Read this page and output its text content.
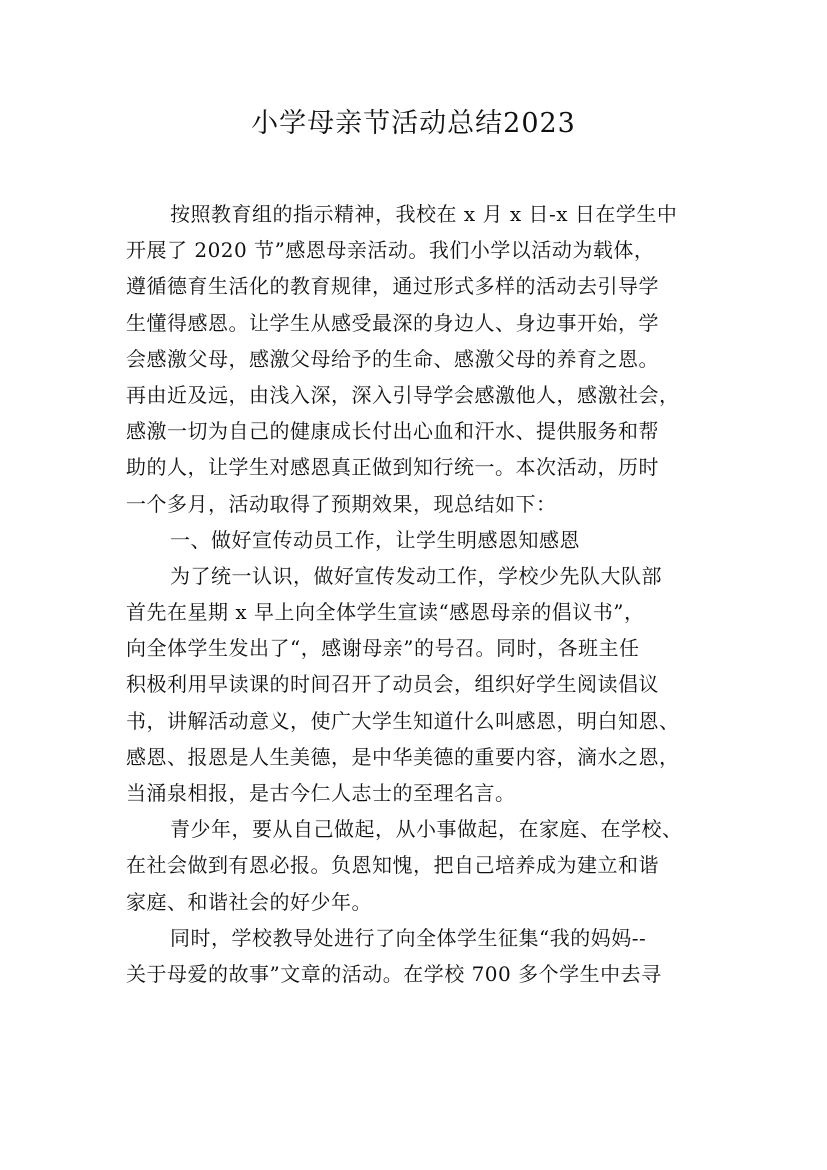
小学母亲节活动总结2023
按照教育组的指示精神，我校在 x 月 x 日-x 日在学生中
开展了 2020 节”感恩母亲活动。我们小学以活动为载体，
遵循德育生活化的教育规律，通过形式多样的活动去引导学
生懂得感恩。让学生从感受最深的身边人、身边事开始，学
会感激父母，感激父母给予的生命、感激父母的养育之恩。
再由近及远，由浅入深，深入引导学会感激他人，感激社会，
感激一切为自己的健康成长付出心血和汗水、提供服务和帮
助的人，让学生对感恩真正做到知行统一。本次活动，历时
一个多月，活动取得了预期效果，现总结如下：
一、做好宣传动员工作，让学生明感恩知感恩
为了统一认识，做好宣传发动工作，学校少先队大队部
首先在星期 x 早上向全体学生宣读“感恩母亲的倡议书”，
向全体学生发出了“，感谢母亲”的号召。同时，各班主任
积极利用早读课的时间召开了动员会，组织好学生阅读倡议
书，讲解活动意义，使广大学生知道什么叫感恩，明白知恩、
感恩、报恩是人生美德，是中华美德的重要内容，滴水之恩，
当涌泉相报，是古今仁人志士的至理名言。
青少年，要从自己做起，从小事做起，在家庭、在学校、
在社会做到有恩必报。负恩知愧，把自己培养成为建立和谐
家庭、和谐社会的好少年。
同时，学校教导处进行了向全体学生征集“我的妈妈--
关于母爱的故事”文章的活动。在学校 700 多个学生中去寻
